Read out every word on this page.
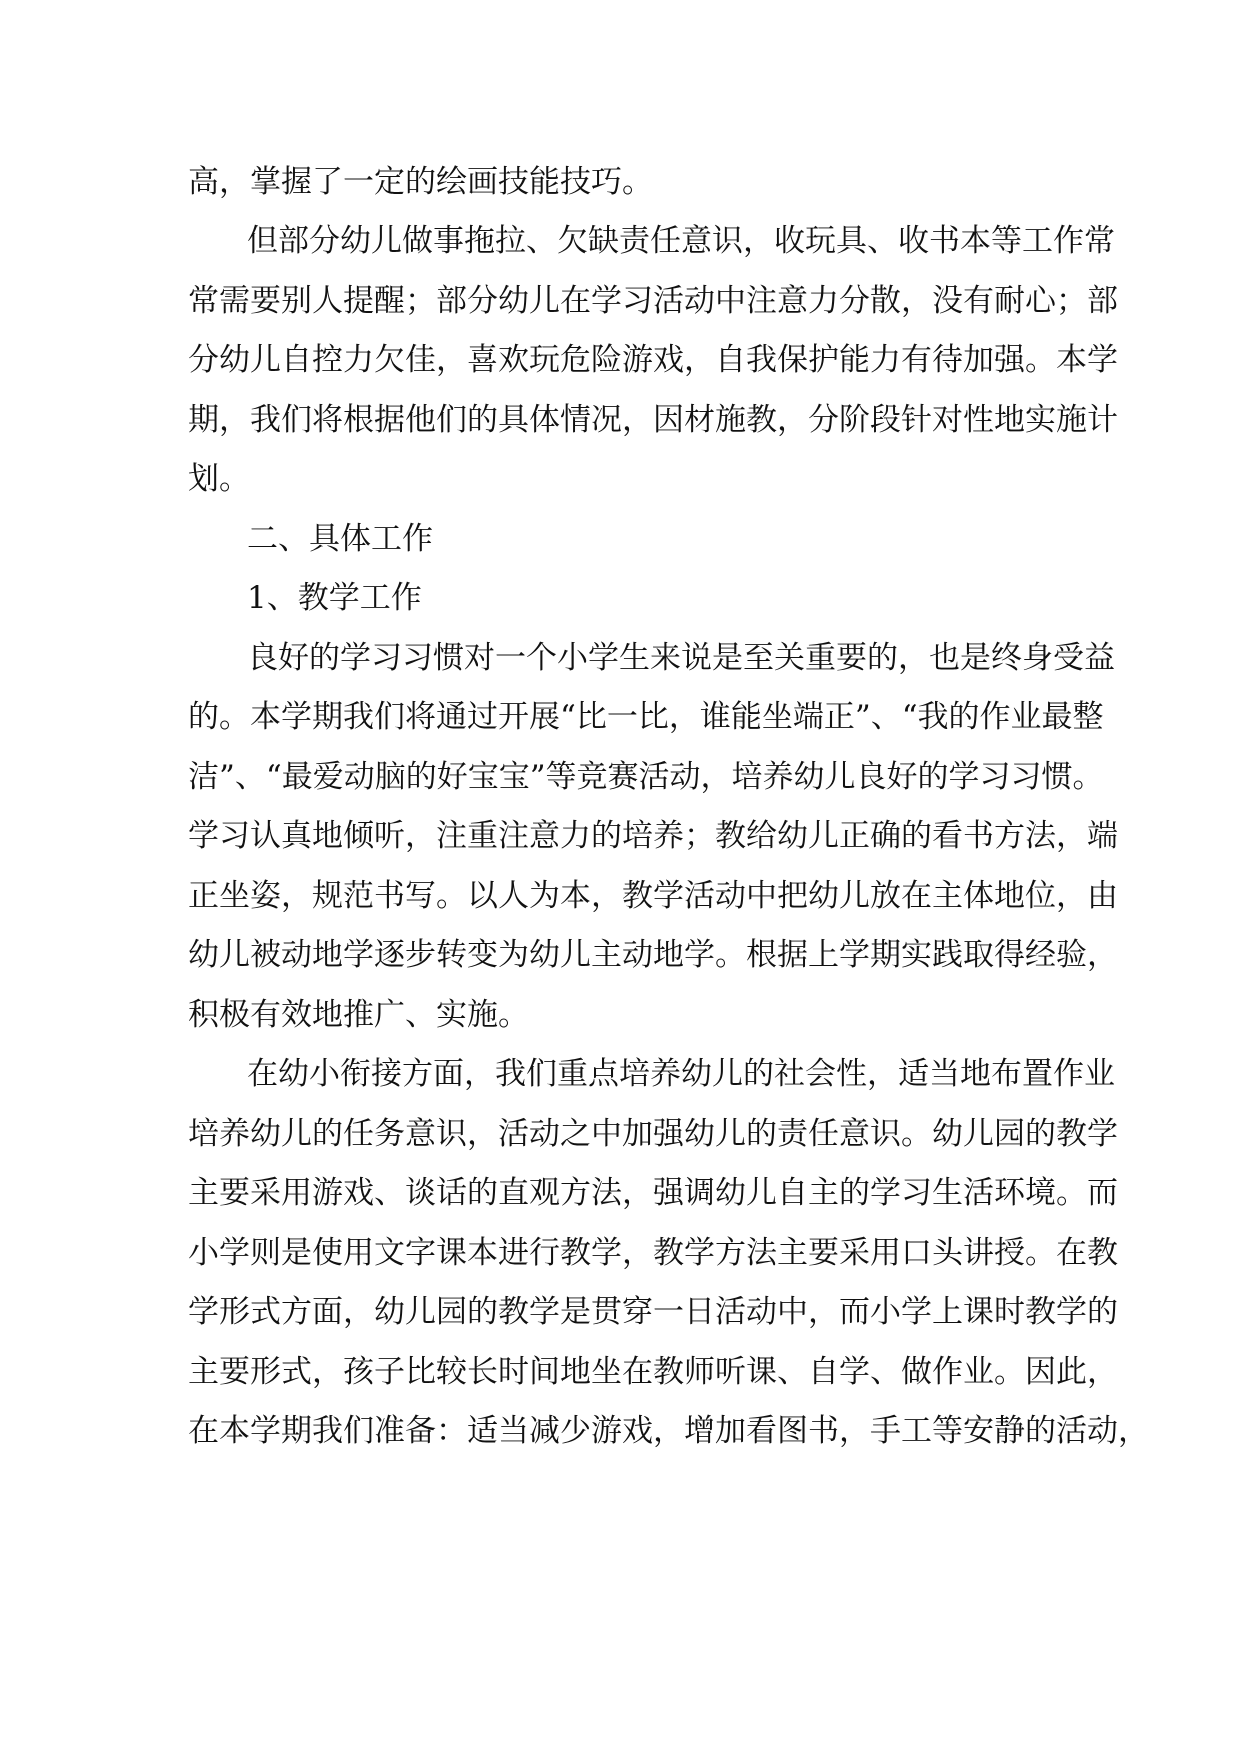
高，掌握了一定的绘画技能技巧。
但部分幼儿做事拖拉、欠缺责任意识，收玩具、收书本等工作常
常需要别人提醒；部分幼儿在学习活动中注意力分散，没有耐心；部
分幼儿自控力欠佳，喜欢玩危险游戏，自我保护能力有待加强。本学
期，我们将根据他们的具体情况，因材施教，分阶段针对性地实施计
划。
二、具体工作
1、教学工作
良好的学习习惯对一个小学生来说是至关重要的，也是终身受益
的。本学期我们将通过开展“比一比，谁能坐端正”、“我的作业最整
洁”、“最爱动脑的好宝宝”等竞赛活动，培养幼儿良好的学习习惯。
学习认真地倾听，注重注意力的培养；教给幼儿正确的看书方法，端
正坐姿，规范书写。以人为本，教学活动中把幼儿放在主体地位，由
幼儿被动地学逐步转变为幼儿主动地学。根据上学期实践取得经验，
积极有效地推广、实施。
在幼小衔接方面，我们重点培养幼儿的社会性，适当地布置作业
培养幼儿的任务意识，活动之中加强幼儿的责任意识。幼儿园的教学
主要采用游戏、谈话的直观方法，强调幼儿自主的学习生活环境。而
小学则是使用文字课本进行教学，教学方法主要采用口头讲授。在教
学形式方面，幼儿园的教学是贯穿一日活动中，而小学上课时教学的
主要形式，孩子比较长时间地坐在教师听课、自学、做作业。因此，
在本学期我们准备：适当减少游戏，增加看图书，手工等安静的活动，
